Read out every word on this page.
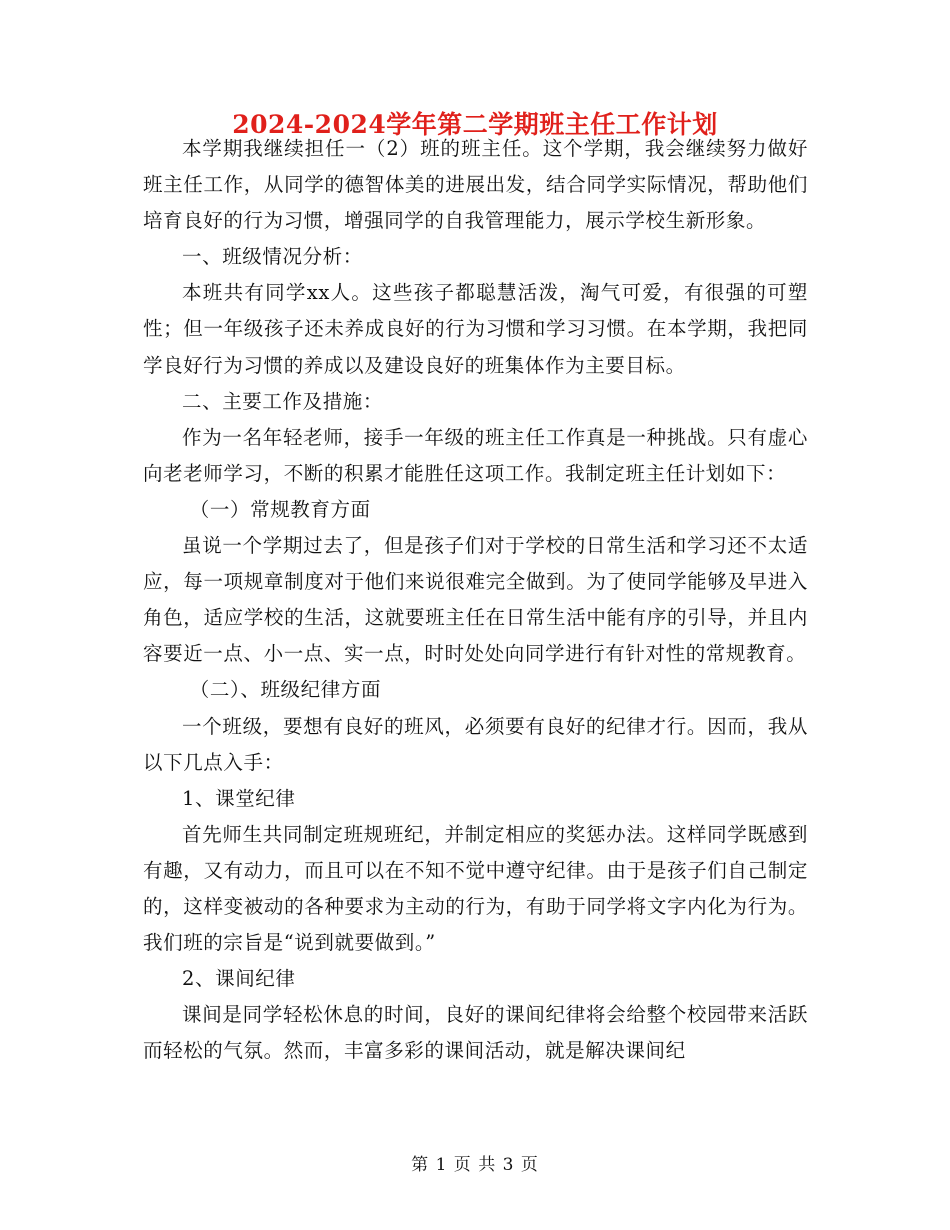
2024-2024学年第二学期班主任工作计划

本学期我继续担任一（2）班的班主任。这个学期，我会继续努力做好班主任工作，从同学的德智体美的进展出发，结合同学实际情况，帮助他们培育良好的行为习惯，增强同学的自我管理能力，展示学校生新形象。

一、班级情况分析：

本班共有同学xx人。这些孩子都聪慧活泼，淘气可爱，有很强的可塑性；但一年级孩子还未养成良好的行为习惯和学习习惯。在本学期，我把同学良好行为习惯的养成以及建设良好的班集体作为主要目标。

二、主要工作及措施：

作为一名年轻老师，接手一年级的班主任工作真是一种挑战。只有虚心向老老师学习，不断的积累才能胜任这项工作。我制定班主任计划如下：

（一）常规教育方面

虽说一个学期过去了，但是孩子们对于学校的日常生活和学习还不太适应，每一项规章制度对于他们来说很难完全做到。为了使同学能够及早进入角色，适应学校的生活，这就要班主任在日常生活中能有序的引导，并且内容要近一点、小一点、实一点，时时处处向同学进行有针对性的常规教育。

（二）、班级纪律方面

一个班级，要想有良好的班风，必须要有良好的纪律才行。因而，我从以下几点入手：

1、课堂纪律

首先师生共同制定班规班纪，并制定相应的奖惩办法。这样同学既感到有趣，又有动力，而且可以在不知不觉中遵守纪律。由于是孩子们自己制定的，这样变被动的各种要求为主动的行为，有助于同学将文字内化为行为。我们班的宗旨是“说到就要做到。”

2、课间纪律

课间是同学轻松休息的时间，良好的课间纪律将会给整个校园带来活跃而轻松的气氛。然而，丰富多彩的课间活动，就是解决课间纪

第 1 页 共 3 页
